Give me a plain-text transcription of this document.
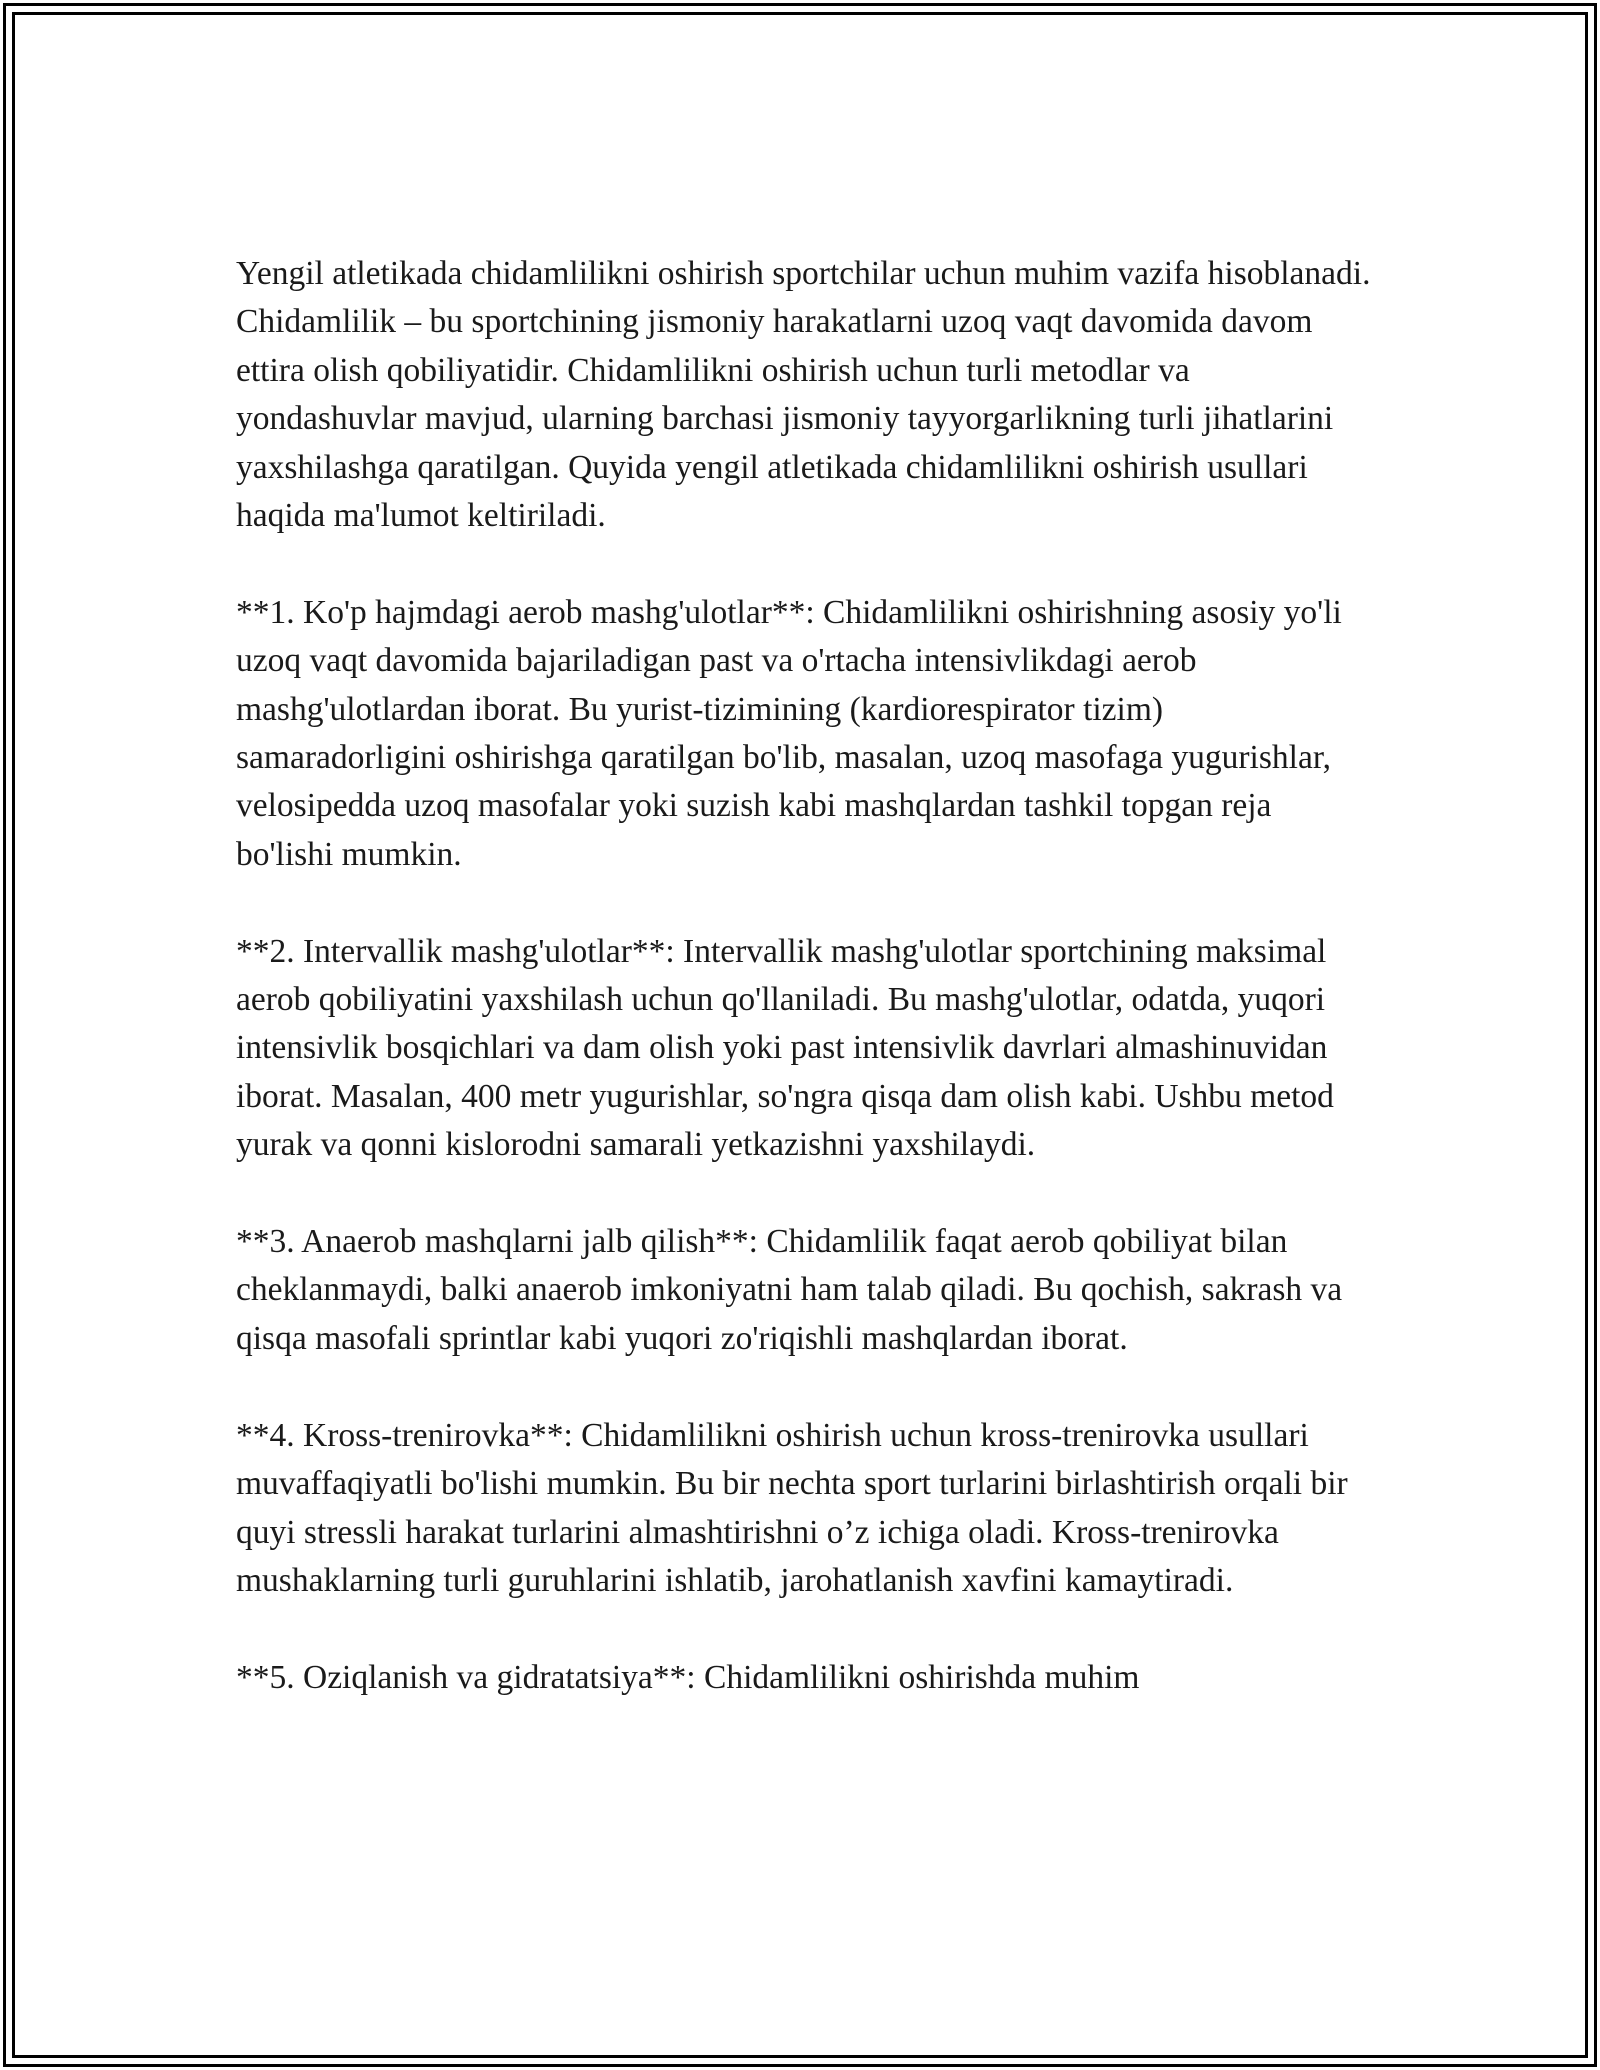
Yengil atletikada chidamlilikni oshirish sportchilar uchun muhim vazifa hisoblanadi. Chidamlilik – bu sportchining jismoniy harakatlarni uzoq vaqt davomida davom ettira olish qobiliyatidir. Chidamlilikni oshirish uchun turli metodlar va yondashuvlar mavjud, ularning barchasi jismoniy tayyorgarlikning turli jihatlarini yaxshilashga qaratilgan. Quyida yengil atletikada chidamlilikni oshirish usullari haqida ma'lumot keltiriladi.

**1. Ko'p hajmdagi aerob mashg'ulotlar**: Chidamlilikni oshirishning asosiy yo'li uzoq vaqt davomida bajariladigan past va o'rtacha intensivlikdagi aerob mashg'ulotlardan iborat. Bu yurist-tizimining (kardiorespirator tizim) samaradorligini oshirishga qaratilgan bo'lib, masalan, uzoq masofaga yugurishlar, velosipedda uzoq masofalar yoki suzish kabi mashqlardan tashkil topgan reja bo'lishi mumkin.

**2. Intervallik mashg'ulotlar**: Intervallik mashg'ulotlar sportchining maksimal aerob qobiliyatini yaxshilash uchun qo'llaniladi. Bu mashg'ulotlar, odatda, yuqori intensivlik bosqichlari va dam olish yoki past intensivlik davrlari almashinuvidan iborat. Masalan, 400 metr yugurishlar, so'ngra qisqa dam olish kabi. Ushbu metod yurak va qonni kislorodni samarali yetkazishni yaxshilaydi.

**3. Anaerob mashqlarni jalb qilish**: Chidamlilik faqat aerob qobiliyat bilan cheklanmaydi, balki anaerob imkoniyatni ham talab qiladi. Bu qochish, sakrash va qisqa masofali sprintlar kabi yuqori zo'riqishli mashqlardan iborat.

**4. Kross-trenirovka**: Chidamlilikni oshirish uchun kross-trenirovka usullari muvaffaqiyatli bo'lishi mumkin. Bu bir nechta sport turlarini birlashtirish orqali bir quyi stressli harakat turlarini almashtirishni o’z ichiga oladi. Kross-trenirovka mushaklarning turli guruhlarini ishlatib, jarohatlanish xavfini kamaytiradi.

**5. Oziqlanish va gidratatsiya**: Chidamlilikni oshirishda muhim
